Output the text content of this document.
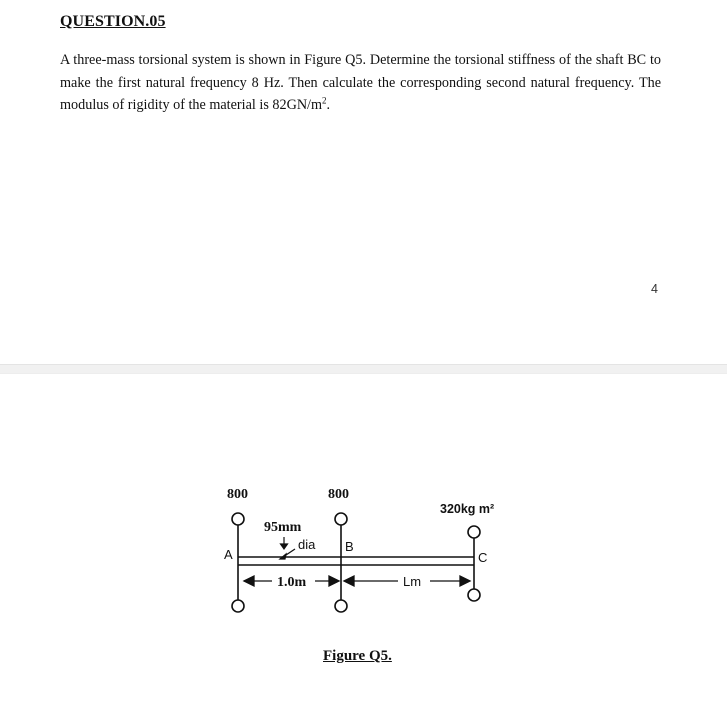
QUESTION.05
A three-mass torsional system is shown in Figure Q5. Determine the torsional stiffness of the shaft BC to make the first natural frequency 8 Hz. Then calculate the corresponding second natural frequency. The modulus of rigidity of the material is $82GN/m^2$.
4
800	800
320kg m²
A
B
C
95mm
dia
1.0m	Lm
Figure Q5.
